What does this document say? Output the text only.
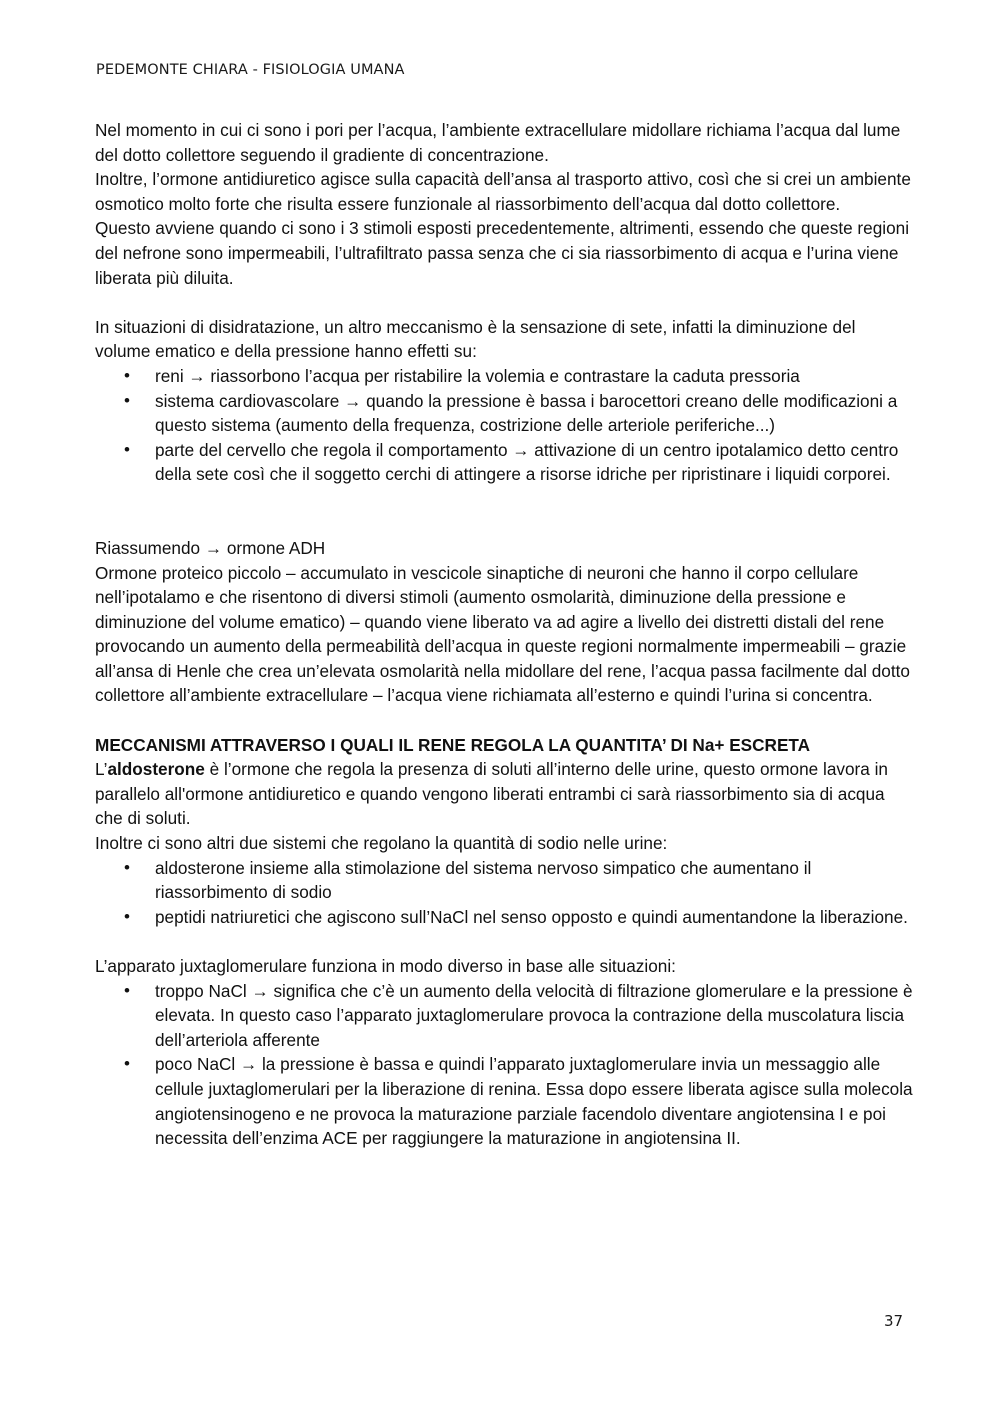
PEDEMONTE CHIARA - FISIOLOGIA UMANA

Nel momento in cui ci sono i pori per l’acqua, l’ambiente extracellulare midollare richiama l’acqua dal lume del dotto collettore seguendo il gradiente di concentrazione.

Inoltre, l’ormone antidiuretico agisce sulla capacità dell’ansa al trasporto attivo, così che si crei un ambiente osmotico molto forte che risulta essere funzionale al riassorbimento dell’acqua dal dotto collettore.

Questo avviene quando ci sono i 3 stimoli esposti precedentemente, altrimenti, essendo che queste regioni del nefrone sono impermeabili, l’ultrafiltrato passa senza che ci sia riassorbimento di acqua e l’urina viene liberata più diluita.

In situazioni di disidratazione, un altro meccanismo è la sensazione di sete, infatti la diminuzione del volume ematico e della pressione hanno effetti su:

• reni → riassorbono l’acqua per ristabilire la volemia e contrastare la caduta pressoria
• sistema cardiovascolare → quando la pressione è bassa i barocettori creano delle modificazioni a questo sistema (aumento della frequenza, costrizione delle arteriole periferiche...)
• parte del cervello che regola il comportamento → attivazione di un centro ipotalamico detto centro della sete così che il soggetto cerchi di attingere a risorse idriche per ripristinare i liquidi corporei.

Riassumendo → ormone ADH

Ormone proteico piccolo – accumulato in vescicole sinaptiche di neuroni che hanno il corpo cellulare nell’ipotalamo e che risentono di diversi stimoli (aumento osmolarità, diminuzione della pressione e diminuzione del volume ematico) – quando viene liberato va ad agire a livello dei distretti distali del rene provocando un aumento della permeabilità dell’acqua in queste regioni normalmente impermeabili – grazie all’ansa di Henle che crea un’elevata osmolarità nella midollare del rene, l’acqua passa facilmente dal dotto collettore all’ambiente extracellulare – l’acqua viene richiamata all’esterno e quindi l’urina si concentra.

MECCANISMI ATTRAVERSO I QUALI IL RENE REGOLA LA QUANTITA’ DI Na+ ESCRETA

L’aldosterone è l’ormone che regola la presenza di soluti all’interno delle urine, questo ormone lavora in parallelo all'ormone antidiuretico e quando vengono liberati entrambi ci sarà riassorbimento sia di acqua che di soluti.

Inoltre ci sono altri due sistemi che regolano la quantità di sodio nelle urine:

• aldosterone insieme alla stimolazione del sistema nervoso simpatico che aumentano il riassorbimento di sodio
• peptidi natriuretici che agiscono sull’NaCl nel senso opposto e quindi aumentandone la liberazione.

L’apparato juxtaglomerulare funziona in modo diverso in base alle situazioni:

• troppo NaCl → significa che c’è un aumento della velocità di filtrazione glomerulare e la pressione è elevata. In questo caso l’apparato juxtaglomerulare provoca la contrazione della muscolatura liscia dell’arteriola afferente
• poco NaCl → la pressione è bassa e quindi l’apparato juxtaglomerulare invia un messaggio alle cellule juxtaglomerulari per la liberazione di renina. Essa dopo essere liberata agisce sulla molecola angiotensinogeno e ne provoca la maturazione parziale facendolo diventare angiotensina I e poi necessita dell’enzima ACE per raggiungere la maturazione in angiotensina II.
37
